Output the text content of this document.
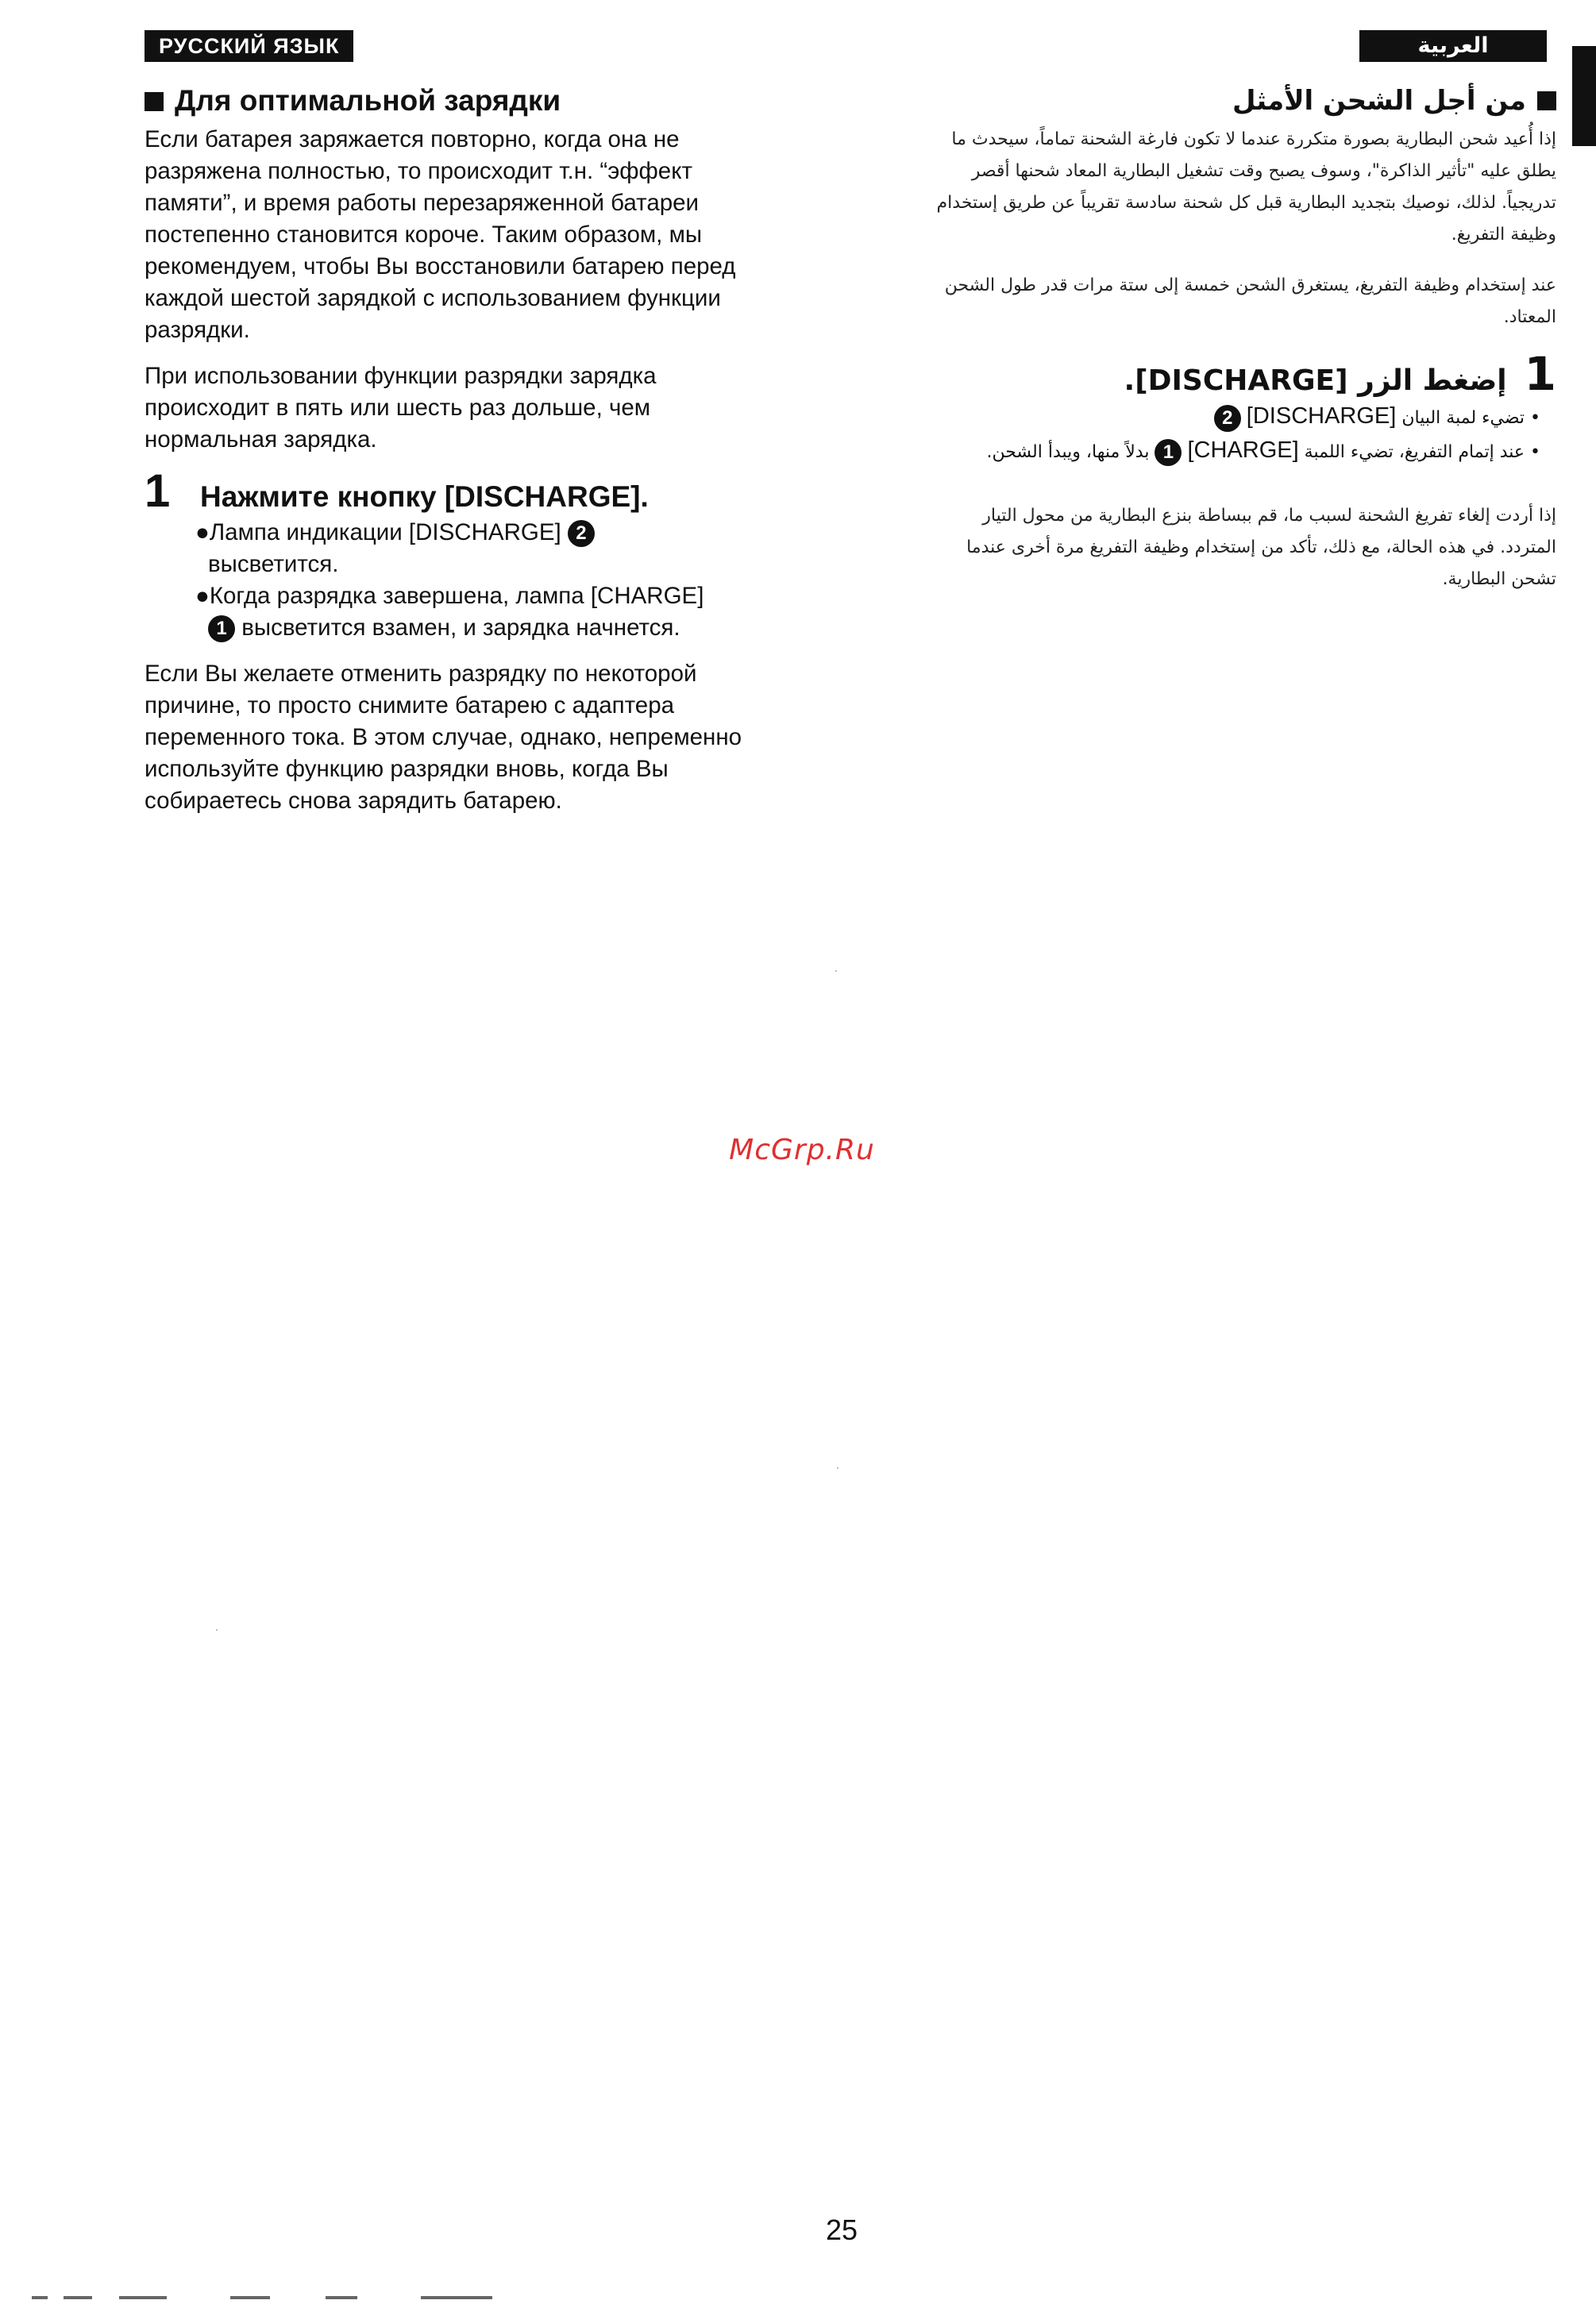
РУССКИЙ ЯЗЫК	العربية
Для оптимальной зарядки

Если батарея заряжается повторно, когда она не разряжена полностью, то происходит т.н. “эффект памяти”, и время работы перезаряженной батареи постепенно становится короче. Таким образом, мы рекомендуем, чтобы Вы восстановили батарею перед каждой шестой зарядкой с использованием функции разрядки.

При использовании функции разрядки зарядка происходит в пять или шесть раз дольше, чем нормальная зарядка.

1	Нажмите кнопку [DISCHARGE].
●Лампа индикации [DISCHARGE] 2
высветится.
●Когда разрядка завершена, лампа [CHARGE]
1 высветится взамен, и зарядка начнется.

Если Вы желаете отменить разрядку по некоторой причине, то просто снимите батарею с адаптера переменного тока. В этом случае, однако, непременно используйте функцию разрядки вновь, когда Вы собираетесь снова зарядить батарею.

من أجل الشحن الأمثل

إذا أُعيد شحن البطارية بصورة متكررة عندما لا تكون فارغة الشحنة تماماً، سيحدث ما يطلق عليه "تأثير الذاكرة"، وسوف يصبح وقت تشغيل البطارية المعاد شحنها أقصر تدريجياً. لذلك، نوصيك بتجديد البطارية قبل كل شحنة سادسة تقريباً عن طريق إستخدام وظيفة التفريغ.

عند إستخدام وظيفة التفريغ، يستغرق الشحن خمسة إلى ستة مرات قدر طول الشحن المعتاد.

1
إضغط الزر [DISCHARGE].
• تضيء لمبة البيان [DISCHARGE] 2
• عند إتمام التفريغ، تضيء اللمبة [CHARGE] 1 بدلاً منها، ويبدأ الشحن.

إذا أردت إلغاء تفريغ الشحنة لسبب ما، قم ببساطة بنزع البطارية من محول التيار المتردد. في هذه الحالة، مع ذلك، تأكد من إستخدام وظيفة التفريغ مرة أخرى عندما تشحن البطارية.

McGrp.Ru
25
